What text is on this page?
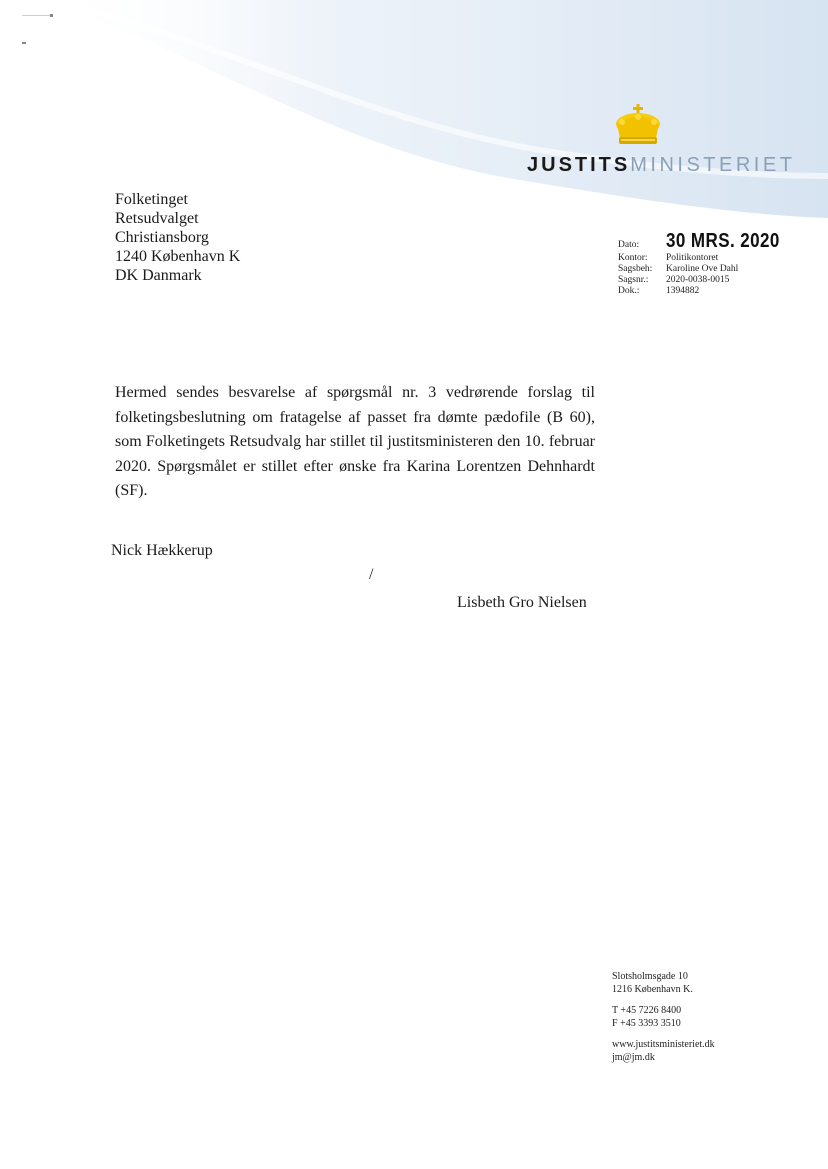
JUSTITSMINISTERIET
Folketinget
Retsudvalget
Christiansborg
1240 København K
DK Danmark
Dato:	30 MRS. 2020
Kontor:	Politikontoret
Sagsbeh:	Karoline Ove Dahl
Sagsnr.:	2020-0038-0015
Dok.:	1394882

Hermed sendes besvarelse af spørgsmål nr. 3 vedrørende forslag til folketingsbeslutning om fratagelse af passet fra dømte pædofile (B 60), som Folketingets Retsudvalg har stillet til justitsministeren den 10. februar 2020. Spørgsmålet er stillet efter ønske fra Karina Lorentzen Dehnhardt (SF).

Nick Hækkerup
/
Lisbeth Gro Nielsen
Slotsholmsgade 10
1216 København K.
T +45 7226 8400
F +45 3393 3510
www.justitsministeriet.dk
jm@jm.dk
